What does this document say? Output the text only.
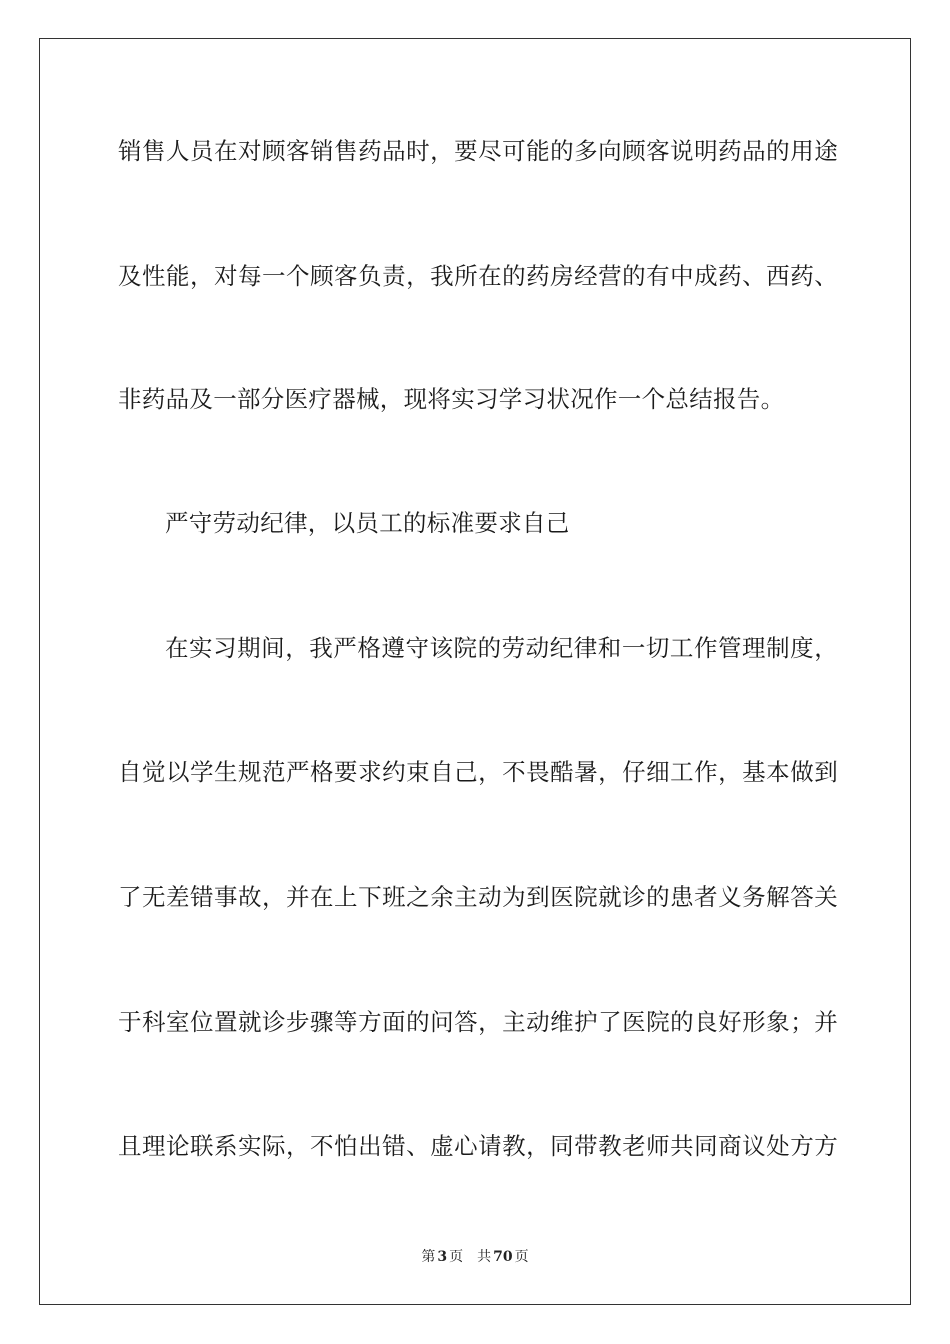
销售人员在对顾客销售药品时，要尽可能的多向顾客说明药品的用途
及性能，对每一个顾客负责，我所在的药房经营的有中成药、西药、
非药品及一部分医疗器械，现将实习学习状况作一个总结报告。
严守劳动纪律，以员工的标准要求自己
在实习期间，我严格遵守该院的劳动纪律和一切工作管理制度，
自觉以学生规范严格要求约束自己，不畏酷暑，仔细工作，基本做到
了无差错事故，并在上下班之余主动为到医院就诊的患者义务解答关
于科室位置就诊步骤等方面的问答，主动维护了医院的良好形象；并
且理论联系实际，不怕出错、虚心请教，同带教老师共同商议处方方
第 3 页 共 70 页
